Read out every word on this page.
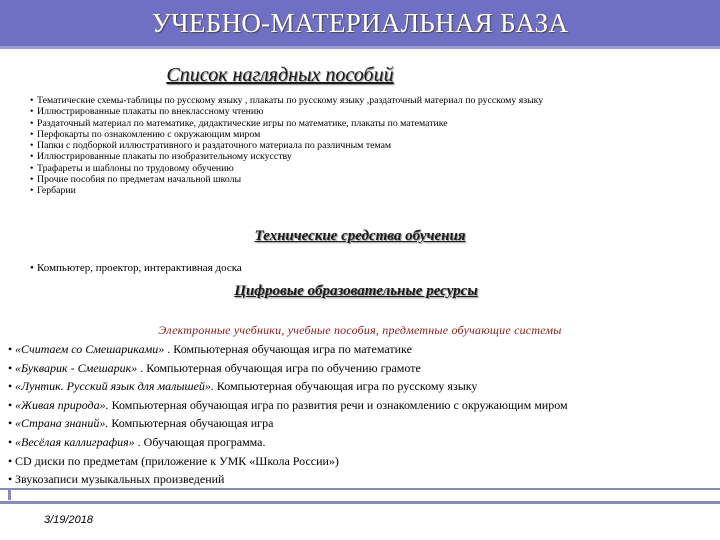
УЧЕБНО-МАТЕРИАЛЬНАЯ БАЗА
Список наглядных пособий
• Тематические схемы-таблицы по русскому языку , плакаты по русскому языку ,раздаточный материал по русскому языку
• Иллюстрированные плакаты по внеклассному чтению
• Раздаточный материал по математике, дидактические игры по математике, плакаты по математике
• Перфокарты по ознакомлению с окружающим миром
• Папки с подборкой иллюстративного и раздаточного материала по различным темам
• Иллюстрированные плакаты по изобразительному искусству
• Трафареты и шаблоны по трудовому обучению
• Прочие пособия по предметам начальной школы
• Гербарии
Технические средства обучения
• Компьютер, проектор, интерактивная доска
Цифровые образовательные ресурсы
Электронные учебники, учебные пособия, предметные обучающие системы
• «Считаем со Смешариками» . Компьютерная обучающая игра по математике
• «Букварик - Смешарик» . Компьютерная обучающая игра по обучению грамоте
• «Лунтик. Русский язык для малышей». Компьютерная обучающая игра по русскому языку
• «Живая природа». Компьютерная обучающая игра по развития речи и ознакомлению с окружающим миром
• «Страна знаний». Компьютерная обучающая игра
• «Весёлая каллиграфия» . Обучающая программа.
• CD диски по предметам (приложение к УМК «Школа России»)
• Звукозаписи музыкальных произведений
3/19/2018
